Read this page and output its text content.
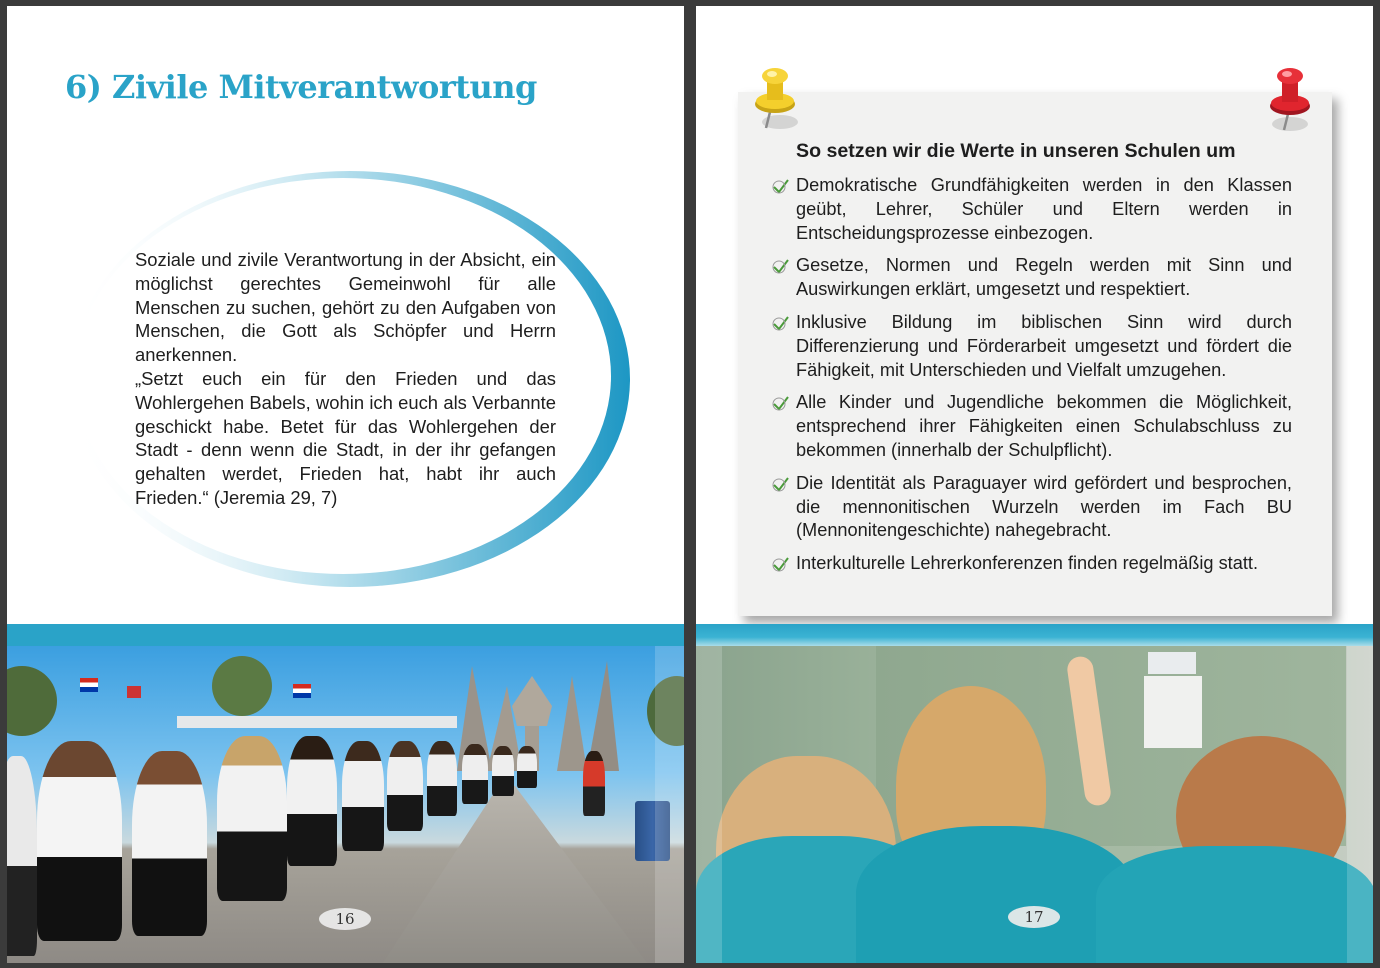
6) Zivile Mitverantwortung

Soziale und zivile Verantwortung in der Absicht, ein möglichst gerechtes Gemeinwohl für alle Menschen zu suchen, gehört zu den Aufgaben von Menschen, die Gott als Schöpfer und Herrn anerkennen.

„Setzt euch ein für den Frieden und das Wohlergehen Babels, wohin ich euch als Verbannte geschickt habe. Betet für das Wohlergehen der Stadt - denn wenn die Stadt, in der ihr gefangen gehalten werdet, Frieden hat, habt ihr auch Frieden.“ (Jeremia 29, 7)

16
So setzen wir die Werte in unseren Schulen um
Demokratische Grundfähigkeiten werden in den Klassen geübt, Lehrer, Schüler und Eltern werden in Entscheidungsprozesse einbezogen.
Gesetze, Normen und Regeln werden mit Sinn und Auswirkungen erklärt, umgesetzt und respektiert.
Inklusive Bildung im biblischen Sinn wird durch Differenzierung und Förderarbeit umgesetzt und fördert die Fähigkeit, mit Unterschieden und Vielfalt umzugehen.
Alle Kinder und Jugendliche bekommen die Möglichkeit, entsprechend ihrer Fähigkeiten einen Schulabschluss zu bekommen (innerhalb der Schulpflicht).
Die Identität als Paraguayer wird gefördert und besprochen, die mennonitischen Wurzeln werden im Fach BU (Mennonitengeschichte) nahegebracht.
Interkulturelle Lehrerkonferenzen finden regelmäßig statt.
17
